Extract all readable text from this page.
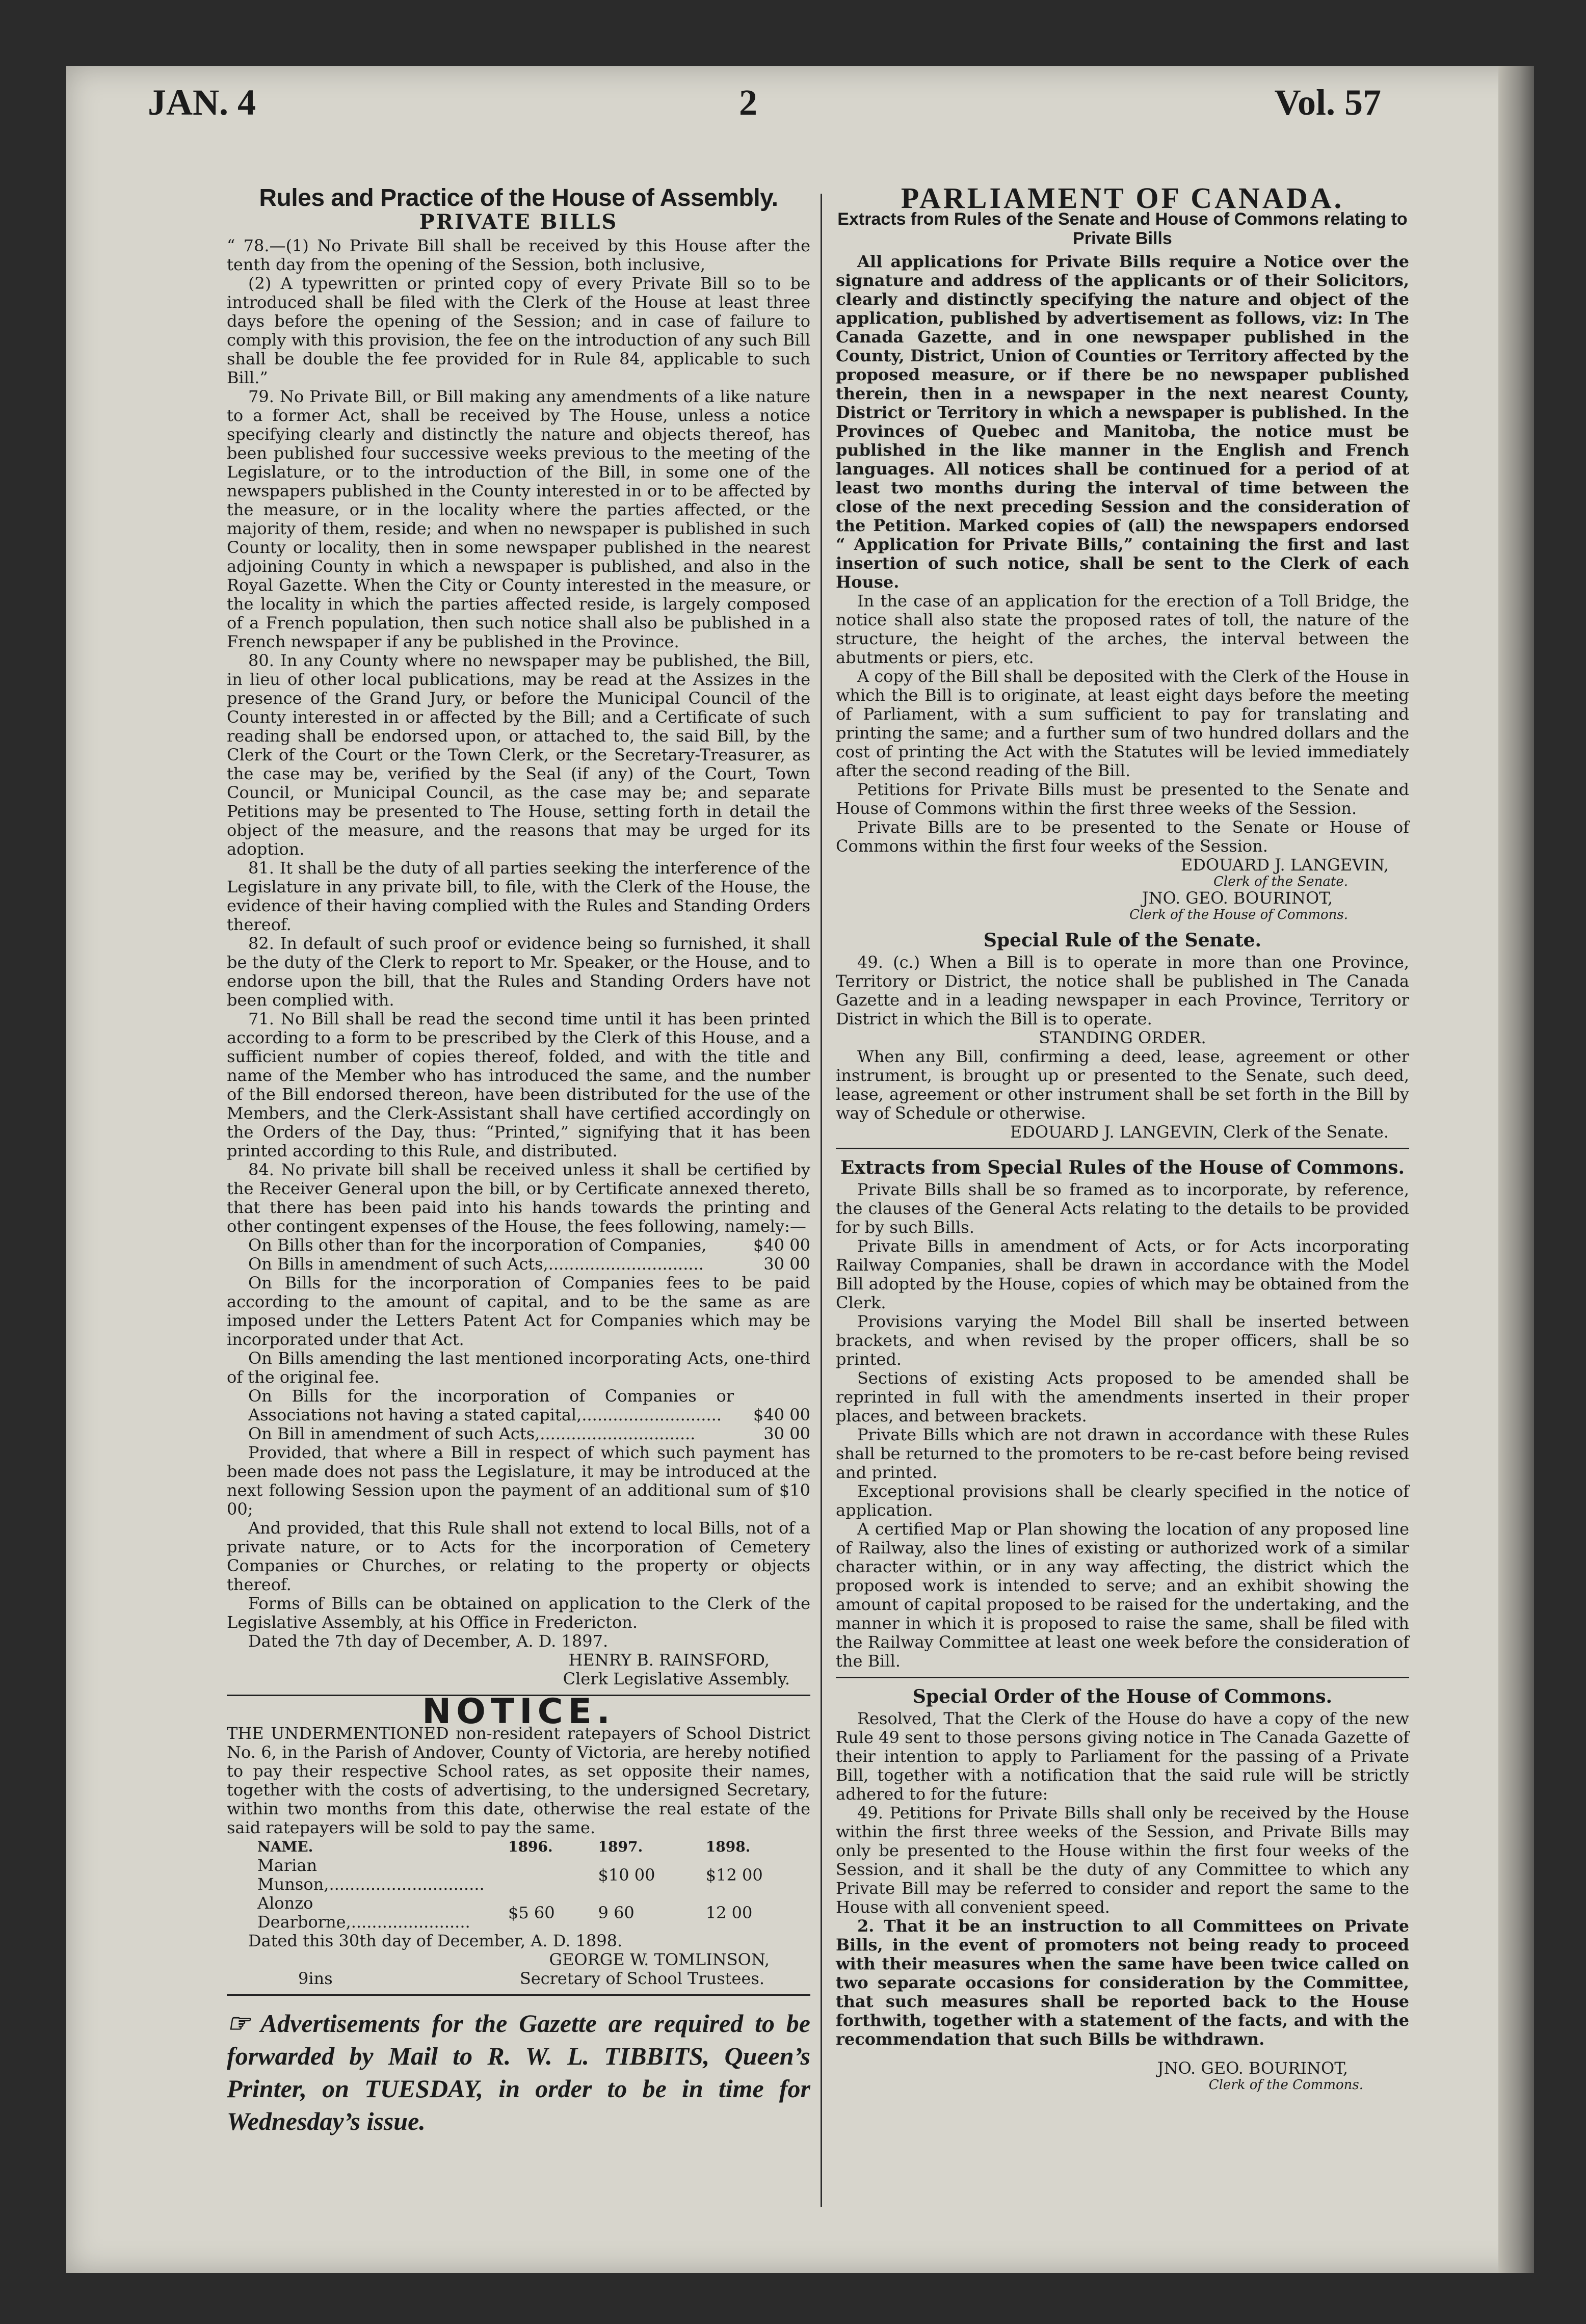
JAN. 4	2	Vol. 57
Rules and Practice of the House of Assembly.
PRIVATE BILLS

“ 78.—(1) No Private Bill shall be received by this House after the tenth day from the opening of the Session, both inclusive,

(2) A typewritten or printed copy of every Private Bill so to be introduced shall be filed with the Clerk of the House at least three days before the opening of the Session; and in case of failure to comply with this provision, the fee on the introduction of any such Bill shall be double the fee provided for in Rule 84, applicable to such Bill.”

79. No Private Bill, or Bill making any amendments of a like nature to a former Act, shall be received by The House, unless a notice specifying clearly and distinctly the nature and objects thereof, has been published four successive weeks previous to the meeting of the Legislature, or to the introduction of the Bill, in some one of the newspapers published in the County interested in or to be affected by the measure, or in the locality where the parties affected, or the majority of them, reside; and when no newspaper is published in such County or locality, then in some newspaper published in the nearest adjoining County in which a newspaper is published, and also in the Royal Gazette. When the City or County interested in the measure, or the locality in which the parties affected reside, is largely composed of a French population, then such notice shall also be published in a French newspaper if any be published in the Province.

80. In any County where no newspaper may be published, the Bill, in lieu of other local publications, may be read at the Assizes in the presence of the Grand Jury, or before the Municipal Council of the County interested in or affected by the Bill; and a Certificate of such reading shall be endorsed upon, or attached to, the said Bill, by the Clerk of the Court or the Town Clerk, or the Secretary-Treasurer, as the case may be, verified by the Seal (if any) of the Court, Town Council, or Municipal Council, as the case may be; and separate Petitions may be presented to The House, setting forth in detail the object of the measure, and the reasons that may be urged for its adoption.

81. It shall be the duty of all parties seeking the interference of the Legislature in any private bill, to file, with the Clerk of the House, the evidence of their having complied with the Rules and Standing Orders thereof.

82. In default of such proof or evidence being so furnished, it shall be the duty of the Clerk to report to Mr. Speaker, or the House, and to endorse upon the bill, that the Rules and Standing Orders have not been complied with.

71. No Bill shall be read the second time until it has been printed according to a form to be prescribed by the Clerk of this House, and a sufficient number of copies thereof, folded, and with the title and name of the Member who has introduced the same, and the number of the Bill endorsed thereon, have been distributed for the use of the Members, and the Clerk-Assistant shall have certified accordingly on the Orders of the Day, thus: “Printed,” signifying that it has been printed according to this Rule, and distributed.

84. No private bill shall be received unless it shall be certified by the Receiver General upon the bill, or by Certificate annexed thereto, that there has been paid into his hands towards the printing and other contingent expenses of the House, the fees following, namely:—

On Bills other than for the incorporation of Companies,	$40 00
On Bills in amendment of such Acts,..............................	30 00

On Bills for the incorporation of Companies fees to be paid according to the amount of capital, and to be the same as are imposed under the Letters Patent Act for Companies which may be incorporated under that Act.

On Bills amending the last mentioned incorporating Acts, one-third of the original fee.

On Bills for the incorporation of Companies or Associations not having a stated capital,...........................	$40 00
On Bill in amendment of such Acts,..............................	30 00

Provided, that where a Bill in respect of which such payment has been made does not pass the Legislature, it may be introduced at the next following Session upon the payment of an additional sum of $10 00;

And provided, that this Rule shall not extend to local Bills, not of a private nature, or to Acts for the incorporation of Cemetery Companies or Churches, or relating to the property or objects thereof.

Forms of Bills can be obtained on application to the Clerk of the Legislative Assembly, at his Office in Fredericton.

Dated the 7th day of December, A. D. 1897.

HENRY B. RAINSFORD,

Clerk Legislative Assembly.

NOTICE.

THE UNDERMENTIONED non-resident ratepayers of School District No. 6, in the Parish of Andover, County of Victoria, are hereby notified to pay their respective School rates, as set opposite their names, together with the costs of advertising, to the undersigned Secretary, within two months from this date, otherwise the real estate of the said ratepayers will be sold to pay the same.

NAME.	1896.	1897.	1898.
Marian Munson,..............................		$10 00	$12 00
Alonzo Dearborne,.......................	$5 60	9 60	12 00

Dated this 30th day of December, A. D. 1898.

GEORGE W. TOMLINSON,

9ins	Secretary of School Trustees.

☞ Advertisements for the Gazette are required to be forwarded by Mail to R. W. L. TIBBITS, Queen’s Printer, on TUESDAY, in order to be in time for Wednesday’s issue.
PARLIAMENT OF CANADA.
Extracts from Rules of the Senate and House of Commons relating to Private Bills

All applications for Private Bills require a Notice over the signature and address of the applicants or of their Solicitors, clearly and distinctly specifying the nature and object of the application, published by advertisement as follows, viz: In The Canada Gazette, and in one newspaper published in the County, District, Union of Counties or Territory affected by the proposed measure, or if there be no newspaper published therein, then in a newspaper in the next nearest County, District or Territory in which a newspaper is published. In the Provinces of Quebec and Manitoba, the notice must be published in the like manner in the English and French languages. All notices shall be continued for a period of at least two months during the interval of time between the close of the next preceding Session and the consideration of the Petition. Marked copies of (all) the newspapers endorsed “ Application for Private Bills,” containing the first and last insertion of such notice, shall be sent to the Clerk of each House.

In the case of an application for the erection of a Toll Bridge, the notice shall also state the proposed rates of toll, the nature of the structure, the height of the arches, the interval between the abutments or piers, etc.

A copy of the Bill shall be deposited with the Clerk of the House in which the Bill is to originate, at least eight days before the meeting of Parliament, with a sum sufficient to pay for translating and printing the same; and a further sum of two hundred dollars and the cost of printing the Act with the Statutes will be levied immediately after the second reading of the Bill.

Petitions for Private Bills must be presented to the Senate and House of Commons within the first three weeks of the Session.

Private Bills are to be presented to the Senate or House of Commons within the first four weeks of the Session.

EDOUARD J. LANGEVIN,

Clerk of the Senate.

JNO. GEO. BOURINOT,

Clerk of the House of Commons.

Special Rule of the Senate.

49. (c.) When a Bill is to operate in more than one Province, Territory or District, the notice shall be published in The Canada Gazette and in a leading newspaper in each Province, Territory or District in which the Bill is to operate.

STANDING ORDER.

When any Bill, confirming a deed, lease, agreement or other instrument, is brought up or presented to the Senate, such deed, lease, agreement or other instrument shall be set forth in the Bill by way of Schedule or otherwise.

EDOUARD J. LANGEVIN, Clerk of the Senate.

Extracts from Special Rules of the House of Commons.

Private Bills shall be so framed as to incorporate, by reference, the clauses of the General Acts relating to the details to be provided for by such Bills.

Private Bills in amendment of Acts, or for Acts incorporating Railway Companies, shall be drawn in accordance with the Model Bill adopted by the House, copies of which may be obtained from the Clerk.

Provisions varying the Model Bill shall be inserted between brackets, and when revised by the proper officers, shall be so printed.

Sections of existing Acts proposed to be amended shall be reprinted in full with the amendments inserted in their proper places, and between brackets.

Private Bills which are not drawn in accordance with these Rules shall be returned to the promoters to be re-cast before being revised and printed.

Exceptional provisions shall be clearly specified in the notice of application.

A certified Map or Plan showing the location of any proposed line of Railway, also the lines of existing or authorized work of a similar character within, or in any way affecting, the district which the proposed work is intended to serve; and an exhibit showing the amount of capital proposed to be raised for the undertaking, and the manner in which it is proposed to raise the same, shall be filed with the Railway Committee at least one week before the consideration of the Bill.

Special Order of the House of Commons.

Resolved, That the Clerk of the House do have a copy of the new Rule 49 sent to those persons giving notice in The Canada Gazette of their intention to apply to Parliament for the passing of a Private Bill, together with a notification that the said rule will be strictly adhered to for the future:

49. Petitions for Private Bills shall only be received by the House within the first three weeks of the Session, and Private Bills may only be presented to the House within the first four weeks of the Session, and it shall be the duty of any Committee to which any Private Bill may be referred to consider and report the same to the House with all convenient speed.

2. That it be an instruction to all Committees on Private Bills, in the event of promoters not being ready to proceed with their measures when the same have been twice called on two separate occasions for consideration by the Committee, that such measures shall be reported back to the House forthwith, together with a statement of the facts, and with the recommendation that such Bills be withdrawn.

JNO. GEO. BOURINOT,

Clerk of the Commons.
